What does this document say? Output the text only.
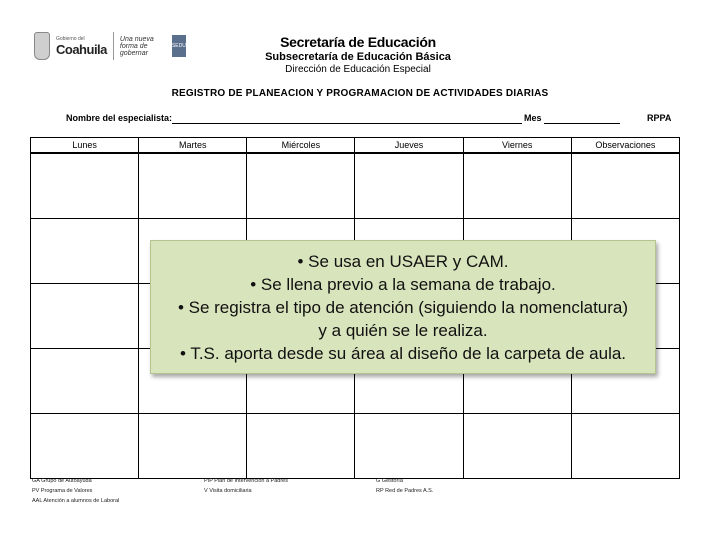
Gobierno del
Coahuila
Una nueva forma de gobernar
SEDU	Secretaría de Educación
Subsecretaría de Educación Básica
Dirección de Educación Especial
REGISTRO DE PLANEACION Y PROGRAMACION DE ACTIVIDADES DIARIAS
Nombre del especialista:	Mes	RPPA
Lunes	Martes	Miércoles	Jueves	Viernes	Observaciones

GA Grupo de Autoayuda
PV Programa de Valores
AAL Atención a alumnos de Laboral
PIP Plan de Intervención a Padres
V Visita domiciliaria
G Gestoría
RP Red de Padres A.S.

• Se usa en USAER y CAM.

• Se llena previo a la semana de trabajo.

• Se registra el tipo de atención (siguiendo la nomenclatura)

y a quién se le realiza.

• T.S. aporta desde su área al diseño de la carpeta de aula.
